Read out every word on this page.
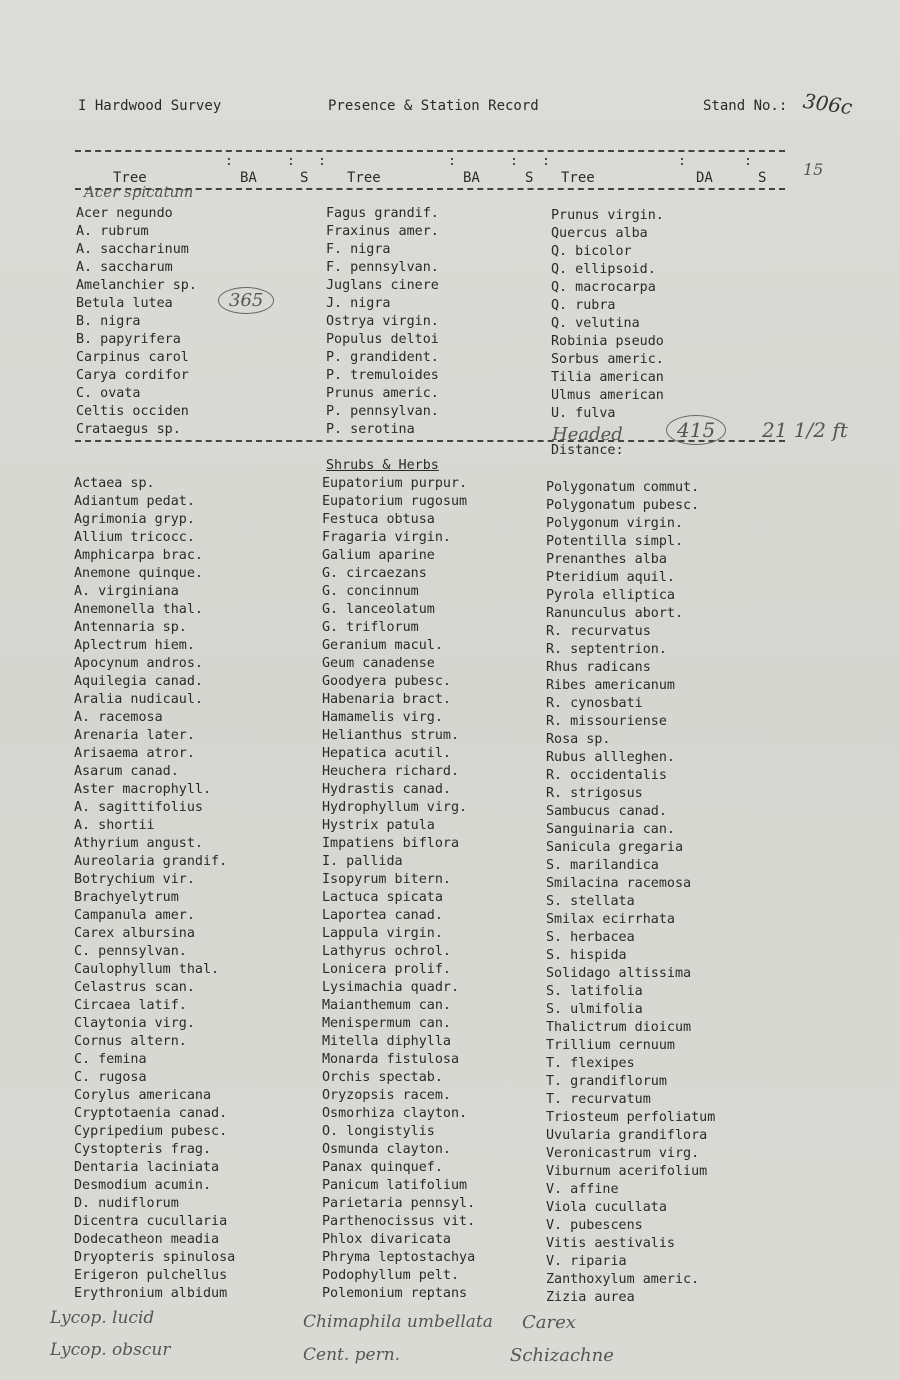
I Hardwood Survey	Presence & Station Record	Stand No.: 306c
:	: :	:	: :	:	:
Tree	BA	S	Tree	BA	S Tree	DA	S 15
Acer negundo
A. rubrum
A. saccharinum
A. saccharum
Amelanchier sp.
Betula lutea
B. nigra
B. papyrifera
Carpinus carol
Carya cordifor
C. ovata
Celtis occiden
Crataegus sp.
Fagus grandif.
Fraxinus amer.
F. nigra
F. pennsylvan.
Juglans cinere
J. nigra
Ostrya virgin.
Populus deltoi
P. grandident.
P. tremuloides
Prunus americ.
P. pennsylvan.
P. serotina
Prunus virgin.
Quercus alba
Q. bicolor
Q. ellipsoid.
Q. macrocarpa
Q. rubra
Q. velutina
Robinia pseudo
Sorbus americ.
Tilia american
Ulmus american
U. fulva
Shrubs & Herbs
Distance:
Actaea sp.
Adiantum pedat.
Agrimonia gryp.
Allium tricocc.
Amphicarpa brac.
Anemone quinque.
A. virginiana
Anemonella thal.
Antennaria sp.
Aplectrum hiem.
Apocynum andros.
Aquilegia canad.
Aralia nudicaul.
A. racemosa
Arenaria later.
Arisaema atror.
Asarum canad.
Aster macrophyll.
A. sagittifolius
A. shortii
Athyrium angust.
Aureolaria grandif.
Botrychium vir.
Brachyelytrum
Campanula amer.
Carex albursina
C. pennsylvan.
Caulophyllum thal.
Celastrus scan.
Circaea latif.
Claytonia virg.
Cornus altern.
C. femina
C. rugosa
Corylus americana
Cryptotaenia canad.
Cypripedium pubesc.
Cystopteris frag.
Dentaria laciniata
Desmodium acumin.
D. nudiflorum
Dicentra cucullaria
Dodecatheon meadia
Dryopteris spinulosa
Erigeron pulchellus
Erythronium albidum
Eupatorium purpur.
Eupatorium rugosum
Festuca obtusa
Fragaria virgin.
Galium aparine
G. circaezans
G. concinnum
G. lanceolatum
G. triflorum
Geranium macul.
Geum canadense
Goodyera pubesc.
Habenaria bract.
Hamamelis virg.
Helianthus strum.
Hepatica acutil.
Heuchera richard.
Hydrastis canad.
Hydrophyllum virg.
Hystrix patula
Impatiens biflora
I. pallida
Isopyrum bitern.
Lactuca spicata
Laportea canad.
Lappula virgin.
Lathyrus ochrol.
Lonicera prolif.
Lysimachia quadr.
Maianthemum can.
Menispermum can.
Mitella diphylla
Monarda fistulosa
Orchis spectab.
Oryzopsis racem.
Osmorhiza clayton.
O. longistylis
Osmunda clayton.
Panax quinquef.
Panicum latifolium
Parietaria pennsyl.
Parthenocissus vit.
Phlox divaricata
Phryma leptostachya
Podophyllum pelt.
Polemonium reptans
Polygonatum commut.
Polygonatum pubesc.
Polygonum virgin.
Potentilla simpl.
Prenanthes alba
Pteridium aquil.
Pyrola elliptica
Ranunculus abort.
R. recurvatus
R. septentrion.
Rhus radicans
Ribes americanum
R. cynosbati
R. missouriense
Rosa sp.
Rubus allleghen.
R. occidentalis
R. strigosus
Sambucus canad.
Sanguinaria can.
Sanicula gregaria
S. marilandica
Smilacina racemosa
S. stellata
Smilax ecirrhata
S. herbacea
S. hispida
Solidago altissima
S. latifolia
S. ulmifolia
Thalictrum dioicum
Trillium cernuum
T. flexipes
T. grandiflorum
T. recurvatum
Triosteum perfoliatum
Uvularia grandiflora
Veronicastrum virg.
Viburnum acerifolium
V. affine
Viola cucullata
V. pubescens
Vitis aestivalis
V. riparia
Zanthoxylum americ.
Zizia aurea
Acer spicatum
365
Headed	415	21 1/2 ft
Lycop. lucid
Lycop. obscur
Chimaphila umbellata
Cent. pern.
Carex
Schizachne
